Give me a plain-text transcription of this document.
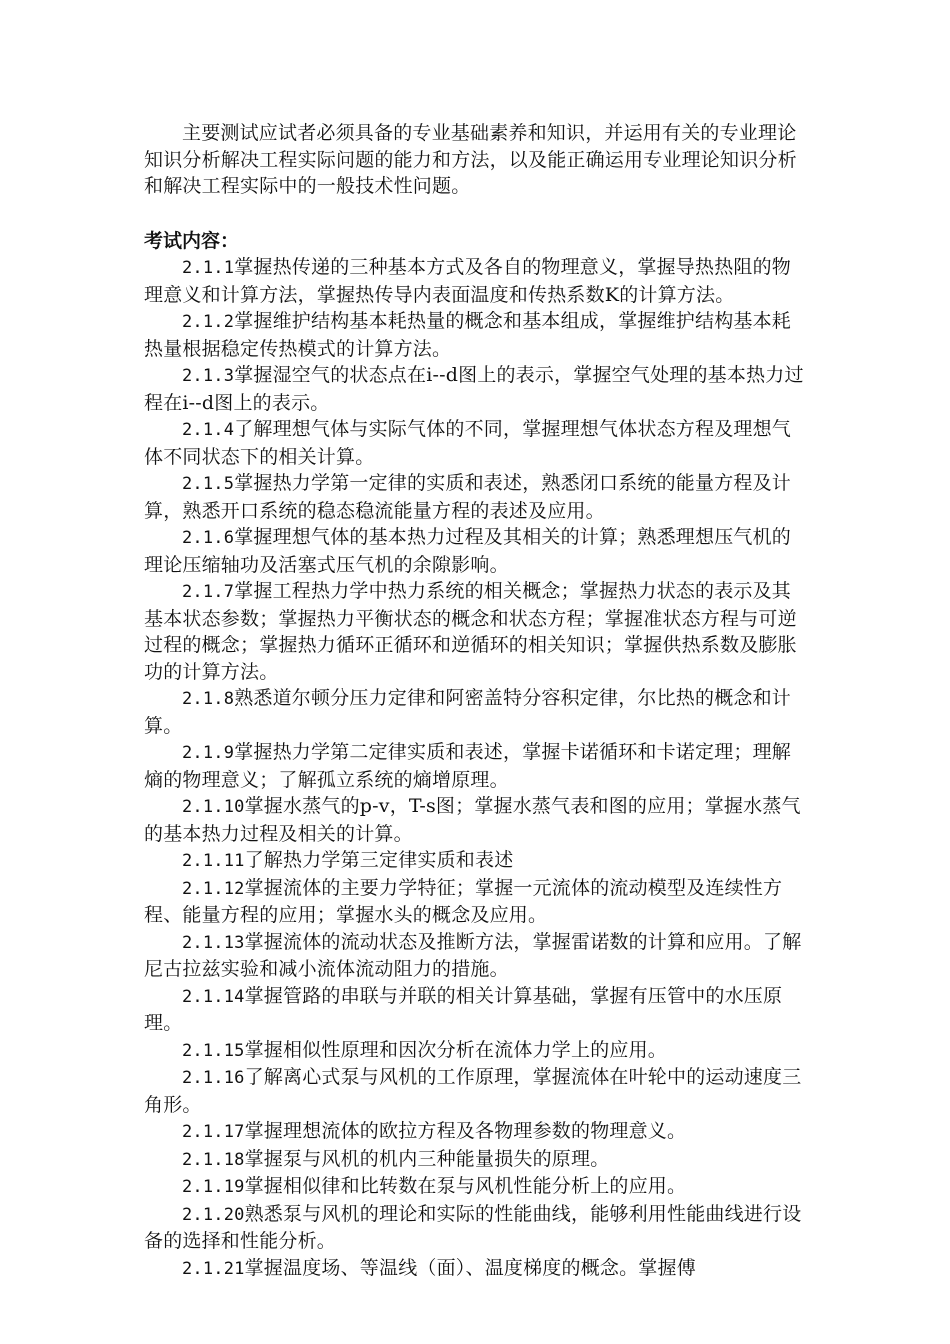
主要测试应试者必须具备的专业基础素养和知识，并运用有关的专业理论知识分析解决工程实际问题的能力和方法，以及能正确运用专业理论知识分析和解决工程实际中的一般技术性问题。

考试内容：

2.1.1掌握热传递的三种基本方式及各自的物理意义，掌握导热热阻的物理意义和计算方法，掌握热传导内表面温度和传热系数K的计算方法。

2.1.2掌握维护结构基本耗热量的概念和基本组成，掌握维护结构基本耗热量根据稳定传热模式的计算方法。

2.1.3掌握湿空气的状态点在i--d图上的表示，掌握空气处理的基本热力过程在i--d图上的表示。

2.1.4了解理想气体与实际气体的不同，掌握理想气体状态方程及理想气体不同状态下的相关计算。

2.1.5掌握热力学第一定律的实质和表述，熟悉闭口系统的能量方程及计算，熟悉开口系统的稳态稳流能量方程的表述及应用。

2.1.6掌握理想气体的基本热力过程及其相关的计算；熟悉理想压气机的理论压缩轴功及活塞式压气机的余隙影响。

2.1.7掌握工程热力学中热力系统的相关概念；掌握热力状态的表示及其基本状态参数；掌握热力平衡状态的概念和状态方程；掌握准状态方程与可逆过程的概念；掌握热力循环正循环和逆循环的相关知识；掌握供热系数及膨胀功的计算方法。

2.1.8熟悉道尔顿分压力定律和阿密盖特分容积定律，尔比热的概念和计算。

2.1.9掌握热力学第二定律实质和表述，掌握卡诺循环和卡诺定理；理解熵的物理意义；了解孤立系统的熵增原理。

2.1.10掌握水蒸气的p-v，T-s图；掌握水蒸气表和图的应用；掌握水蒸气的基本热力过程及相关的计算。

2.1.11了解热力学第三定律实质和表述

2.1.12掌握流体的主要力学特征；掌握一元流体的流动模型及连续性方程、能量方程的应用；掌握水头的概念及应用。

2.1.13掌握流体的流动状态及推断方法，掌握雷诺数的计算和应用。了解尼古拉兹实验和减小流体流动阻力的措施。

2.1.14掌握管路的串联与并联的相关计算基础，掌握有压管中的水压原理。

2.1.15掌握相似性原理和因次分析在流体力学上的应用。

2.1.16了解离心式泵与风机的工作原理，掌握流体在叶轮中的运动速度三角形。

2.1.17掌握理想流体的欧拉方程及各物理参数的物理意义。

2.1.18掌握泵与风机的机内三种能量损失的原理。

2.1.19掌握相似律和比转数在泵与风机性能分析上的应用。

2.1.20熟悉泵与风机的理论和实际的性能曲线，能够利用性能曲线进行设备的选择和性能分析。

2.1.21掌握温度场、等温线（面）、温度梯度的概念。掌握傅
